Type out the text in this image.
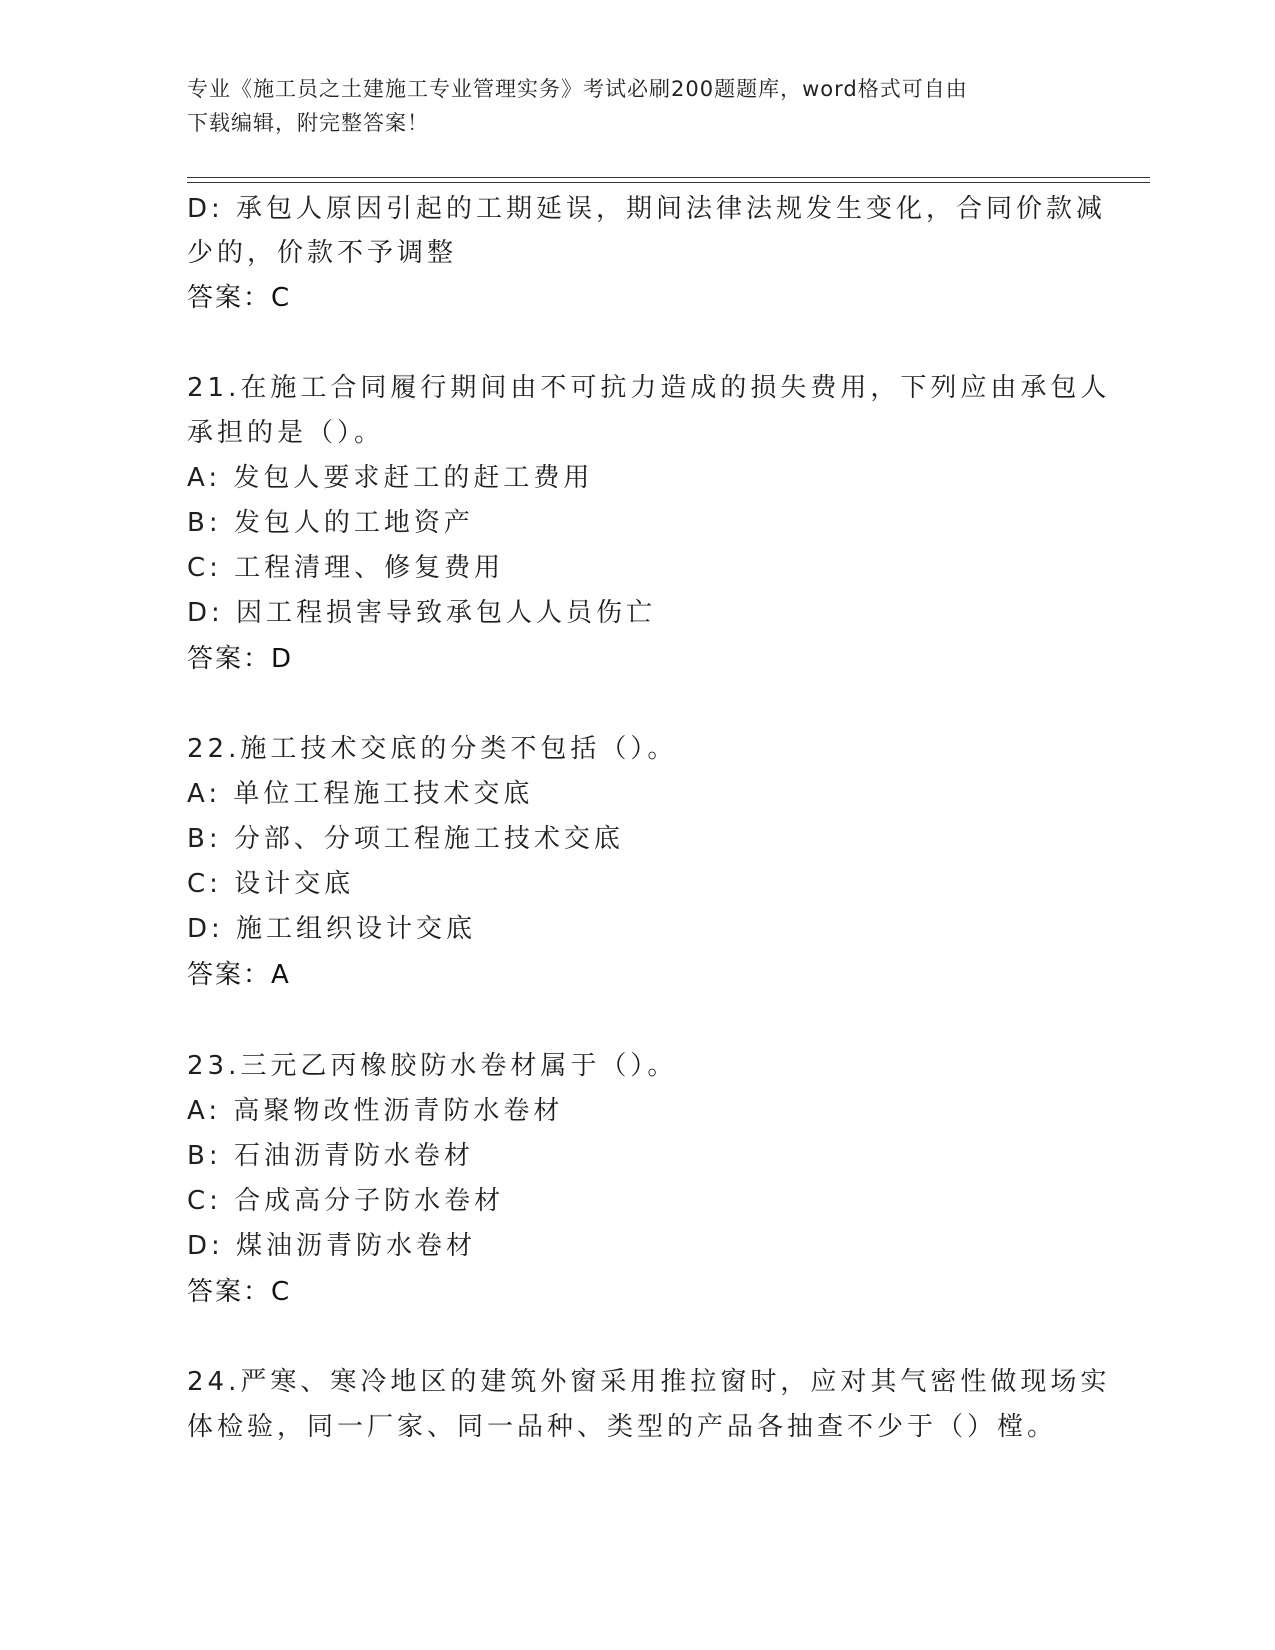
专业《施工员之土建施工专业管理实务》考试必刷200题题库，word格式可自由
下载编辑，附完整答案！
D: 承包人原因引起的工期延误，期间法律法规发生变化，合同价款减
少的，价款不予调整
答案：C
21.在施工合同履行期间由不可抗力造成的损失费用，下列应由承包人
承担的是（）。
A: 发包人要求赶工的赶工费用
B: 发包人的工地资产
C: 工程清理、修复费用
D: 因工程损害导致承包人人员伤亡
答案：D
22.施工技术交底的分类不包括（）。
A: 单位工程施工技术交底
B: 分部、分项工程施工技术交底
C: 设计交底
D: 施工组织设计交底
答案：A
23.三元乙丙橡胶防水卷材属于（）。
A: 高聚物改性沥青防水卷材
B: 石油沥青防水卷材
C: 合成高分子防水卷材
D: 煤油沥青防水卷材
答案：C
24.严寒、寒冷地区的建筑外窗采用推拉窗时，应对其气密性做现场实
体检验，同一厂家、同一品种、类型的产品各抽查不少于（）樘。
